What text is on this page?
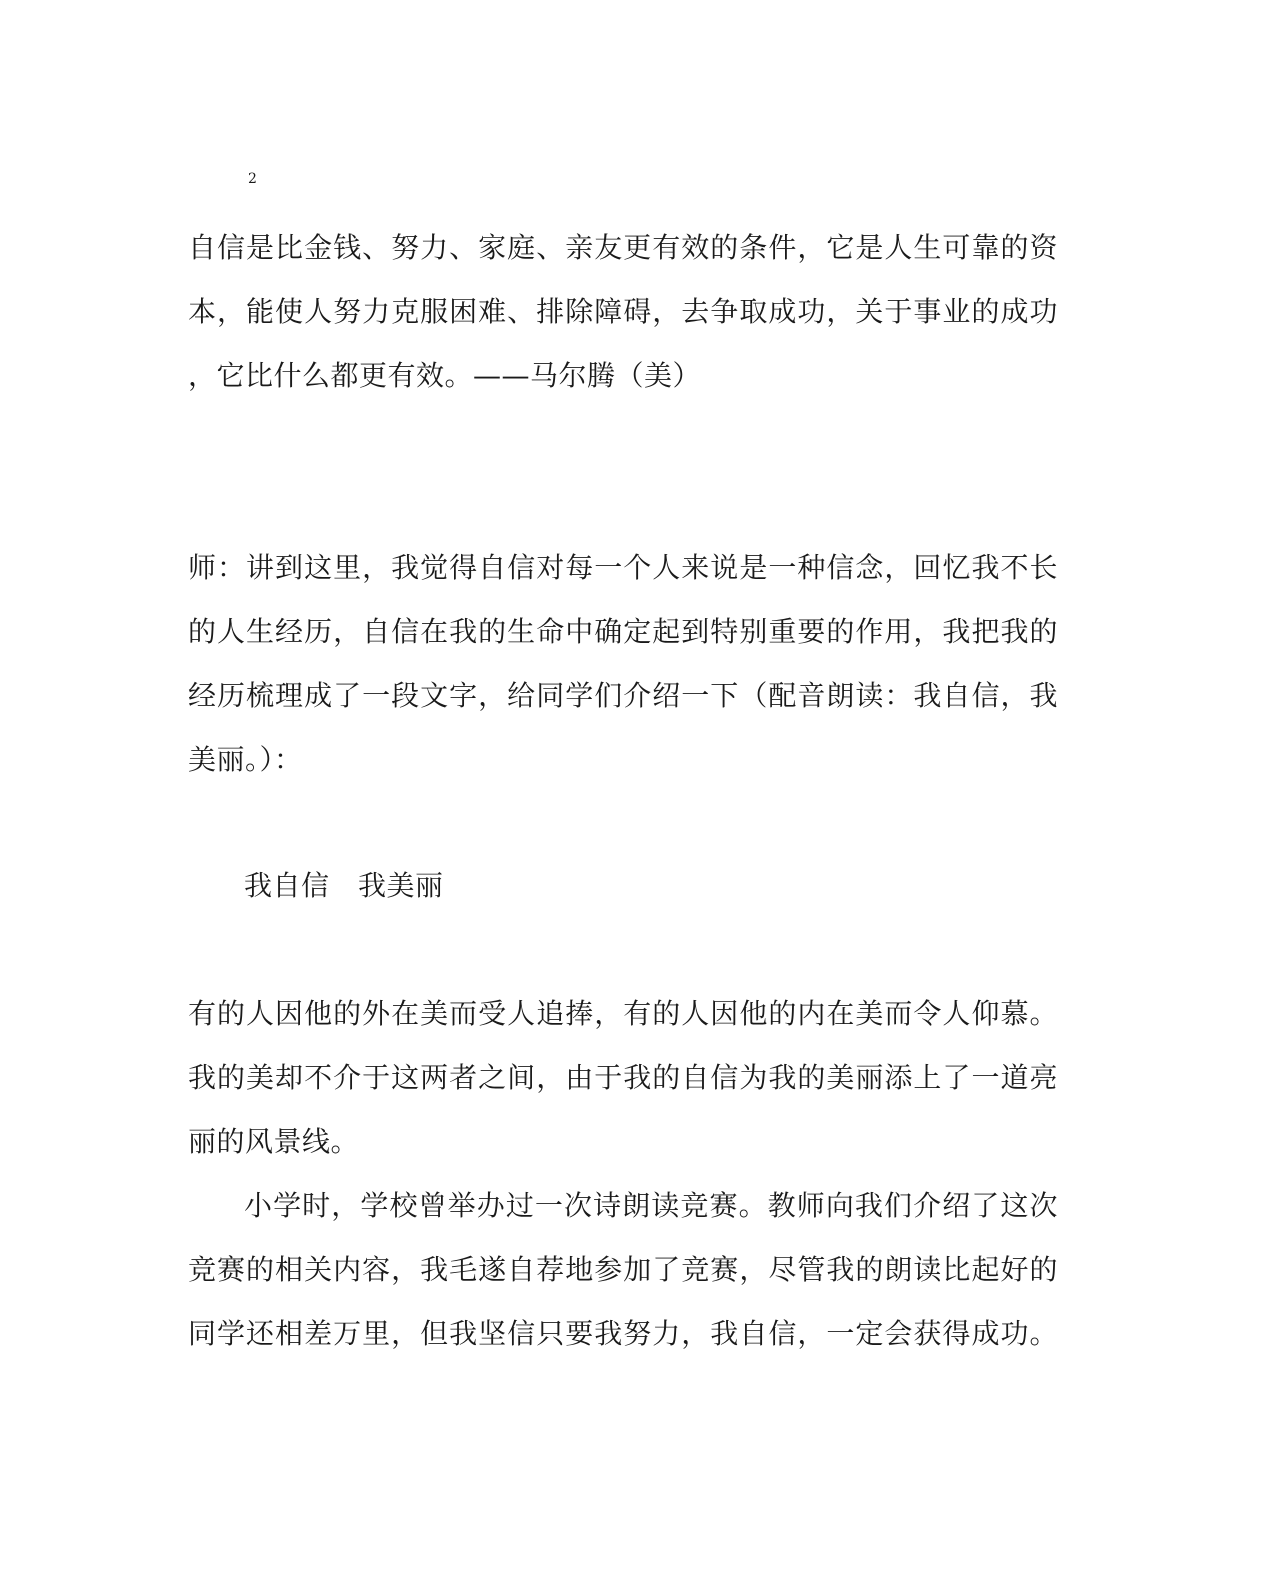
2
自信是比金钱、努力、家庭、亲友更有效的条件，它是人生可靠的资
本，能使人努力克服困难、排除障碍，去争取成功，关于事业的成功
，它比什么都更有效。——马尔腾（美）
师：讲到这里，我觉得自信对每一个人来说是一种信念，回忆我不长
的人生经历，自信在我的生命中确定起到特别重要的作用，我把我的
经历梳理成了一段文字，给同学们介绍一下（配音朗读：我自信，我
美丽。）：
我自信　我美丽
有的人因他的外在美而受人追捧，有的人因他的内在美而令人仰慕。
我的美却不介于这两者之间，由于我的自信为我的美丽添上了一道亮
丽的风景线。
小学时，学校曾举办过一次诗朗读竞赛。教师向我们介绍了这次
竞赛的相关内容，我毛遂自荐地参加了竞赛，尽管我的朗读比起好的
同学还相差万里，但我坚信只要我努力，我自信，一定会获得成功。
